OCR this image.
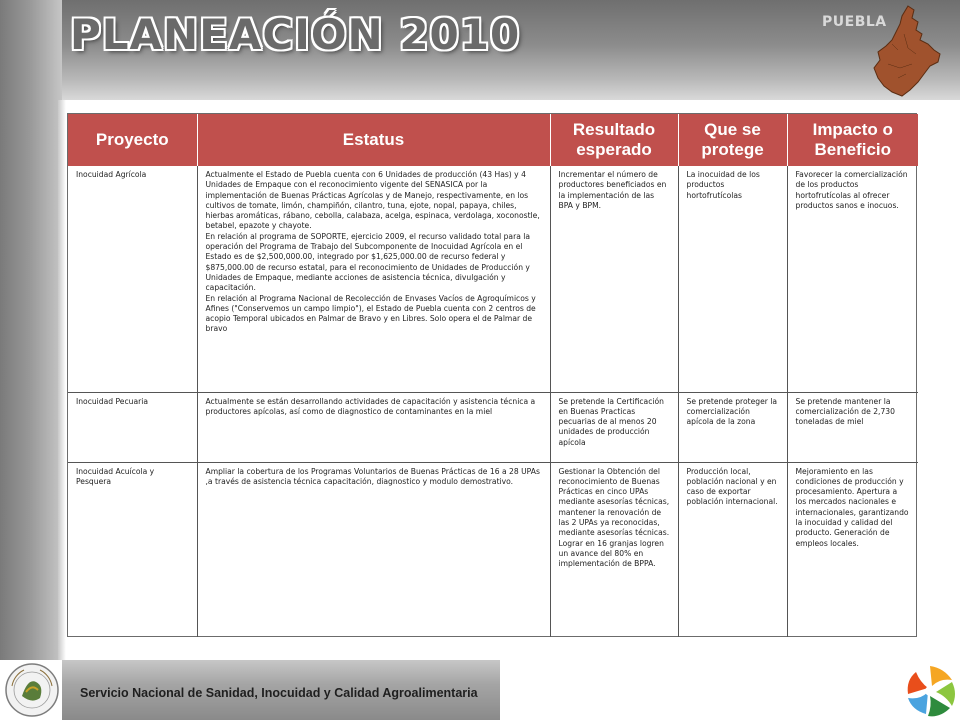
PLANEACIÓN 2010	PUEBLA
Proyecto	Estatus	Resultado esperado	Que se protege	Impacto o Beneficio
Inocuidad Agrícola	Actualmente el Estado de Puebla cuenta con 6 Unidades de producción (43 Has) y 4 Unidades de Empaque con el reconocimiento vigente del SENASICA por la implementación de Buenas Prácticas Agrícolas y de Manejo, respectivamente, en los cultivos de tomate, limón, champiñón, cilantro, tuna, ejote, nopal, papaya, chiles, hierbas aromáticas, rábano, cebolla, calabaza, acelga, espinaca, verdolaga, xoconostle, betabel, epazote y chayote.
En relación al programa de SOPORTE, ejercicio 2009, el recurso validado total para la operación del Programa de Trabajo del Subcomponente de Inocuidad Agrícola en el Estado es de $2,500,000.00, integrado por $1,625,000.00 de recurso federal y $875,000.00 de recurso estatal, para el reconocimiento de Unidades de Producción y Unidades de Empaque, mediante acciones de asistencia técnica, divulgación y capacitación.
En relación al Programa Nacional de Recolección de Envases Vacíos de Agroquímicos y Afines ("Conservemos un campo limpio"), el Estado de Puebla cuenta con 2 centros de acopio Temporal ubicados en Palmar de Bravo y en Libres. Solo opera el de Palmar de bravo	Incrementar el número de productores beneficiados en la implementación de las BPA y BPM.	La inocuidad de los productos hortofrutícolas	Favorecer la comercialización de los productos hortofrutícolas al ofrecer productos sanos e inocuos.
Inocuidad Pecuaria	Actualmente se están desarrollando actividades de capacitación y asistencia técnica a productores apícolas, así como de diagnostico de contaminantes en la miel	Se pretende la Certificación en Buenas Practicas pecuarias de al menos 20 unidades de producción apícola	Se pretende proteger la comercialización apícola de la zona	Se pretende mantener la comercialización de 2,730 toneladas de miel
Inocuidad Acuícola y Pesquera	Ampliar la cobertura de los Programas Voluntarios de Buenas Prácticas de 16 a 28 UPAs ,a través de asistencia técnica capacitación, diagnostico y modulo demostrativo.	Gestionar la Obtención del reconocimiento de Buenas Prácticas en cinco UPAs mediante asesorías técnicas, mantener la renovación de las 2 UPAs ya reconocidas, mediante asesorías técnicas.
Lograr en 16 granjas logren un avance del 80% en implementación de BPPA.	Producción local, población nacional y en caso de exportar población internacional.	Mejoramiento en las condiciones de producción y procesamiento. Apertura a los mercados nacionales e internacionales, garantizando la inocuidad y calidad del producto. Generación de empleos locales.
Servicio Nacional de Sanidad, Inocuidad y Calidad Agroalimentaria
